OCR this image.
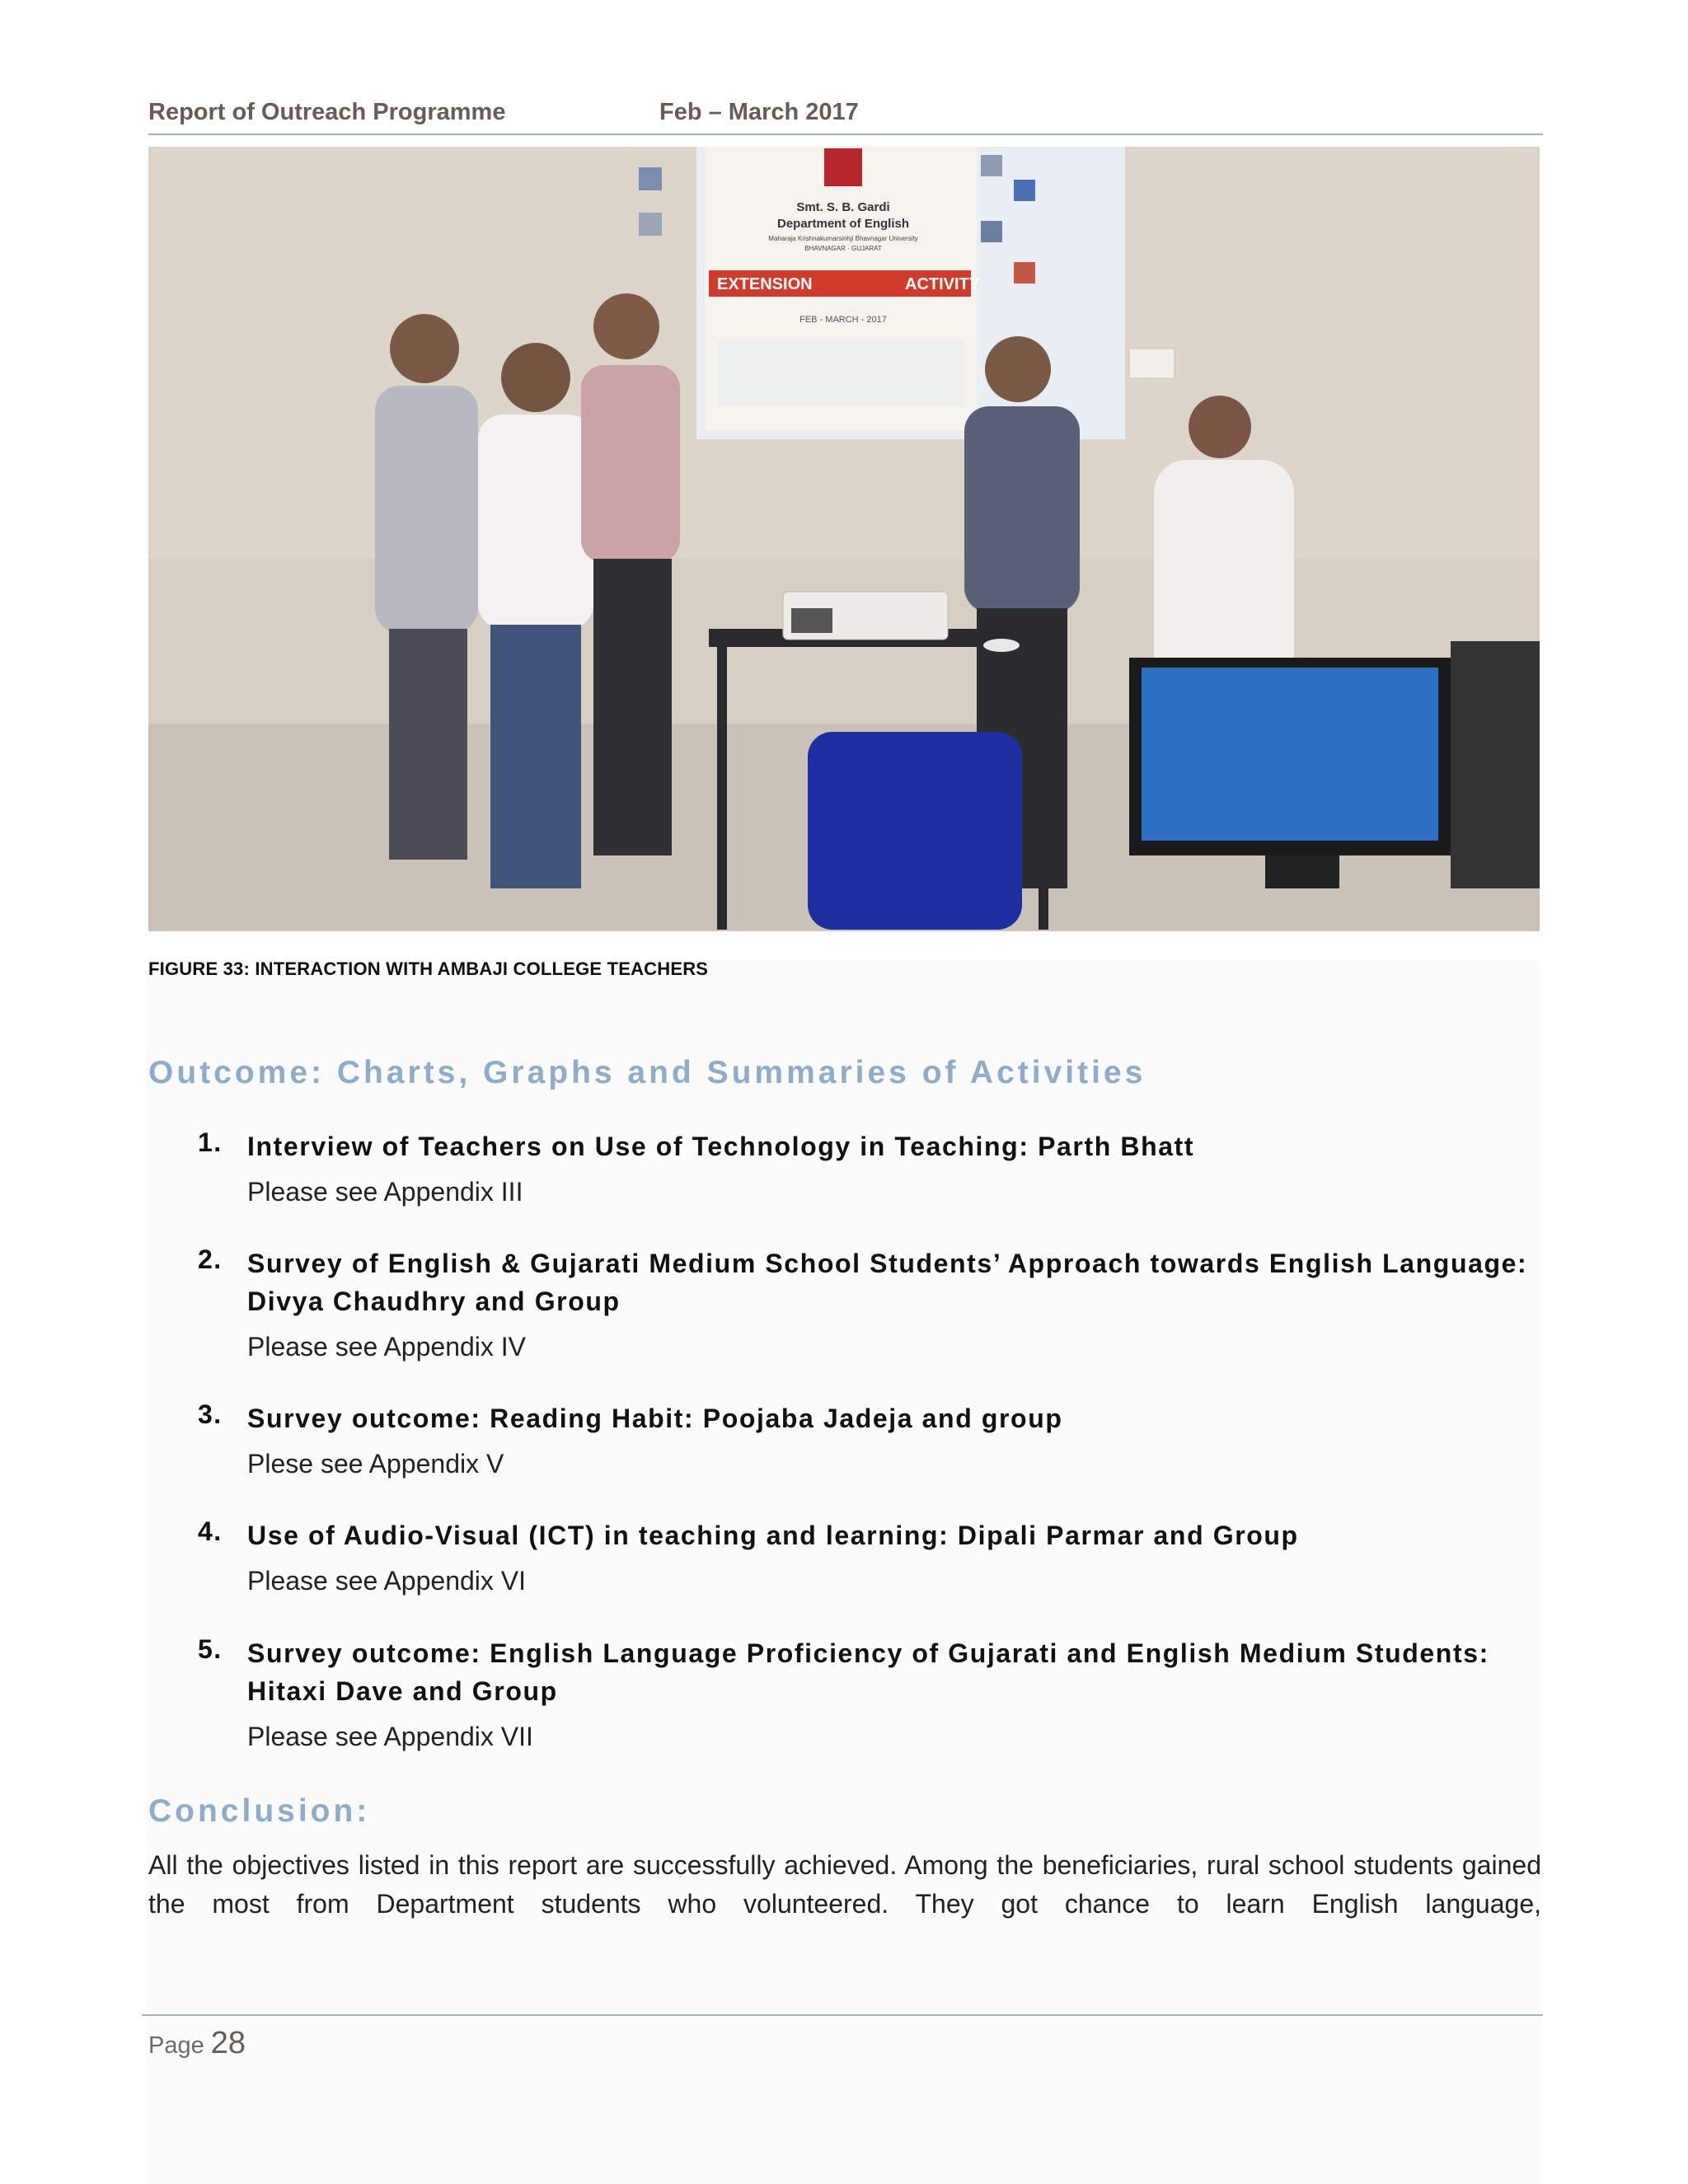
Report of Outreach Programme	Feb – March 2017
Smt. S. B. Gardi
Department of English
Maharaja Krishnakumarsinhji Bhavnagar University
BHAVNAGAR · GUJARAT
EXTENSION	ACTIVITY
FEB - MARCH - 2017
FIGURE 33: INTERACTION WITH AMBAJI COLLEGE TEACHERS
Outcome: Charts, Graphs and Summaries of Activities
1. Interview of Teachers on Use of Technology in Teaching: Parth Bhatt
Please see Appendix III
2. Survey of English & Gujarati Medium School Students’ Approach towards English Language: Divya Chaudhry and Group
Please see Appendix IV
3. Survey outcome: Reading Habit: Poojaba Jadeja and group
Plese see Appendix V
4. Use of Audio-Visual (ICT) in teaching and learning: Dipali Parmar and Group
Please see Appendix VI
5. Survey outcome: English Language Proficiency of Gujarati and English Medium Students: Hitaxi Dave and Group
Please see Appendix VII
Conclusion:
All the objectives listed in this report are successfully achieved. Among the beneficiaries, rural school students gained the most from Department students who volunteered. They got chance to learn English language,
Page 28
